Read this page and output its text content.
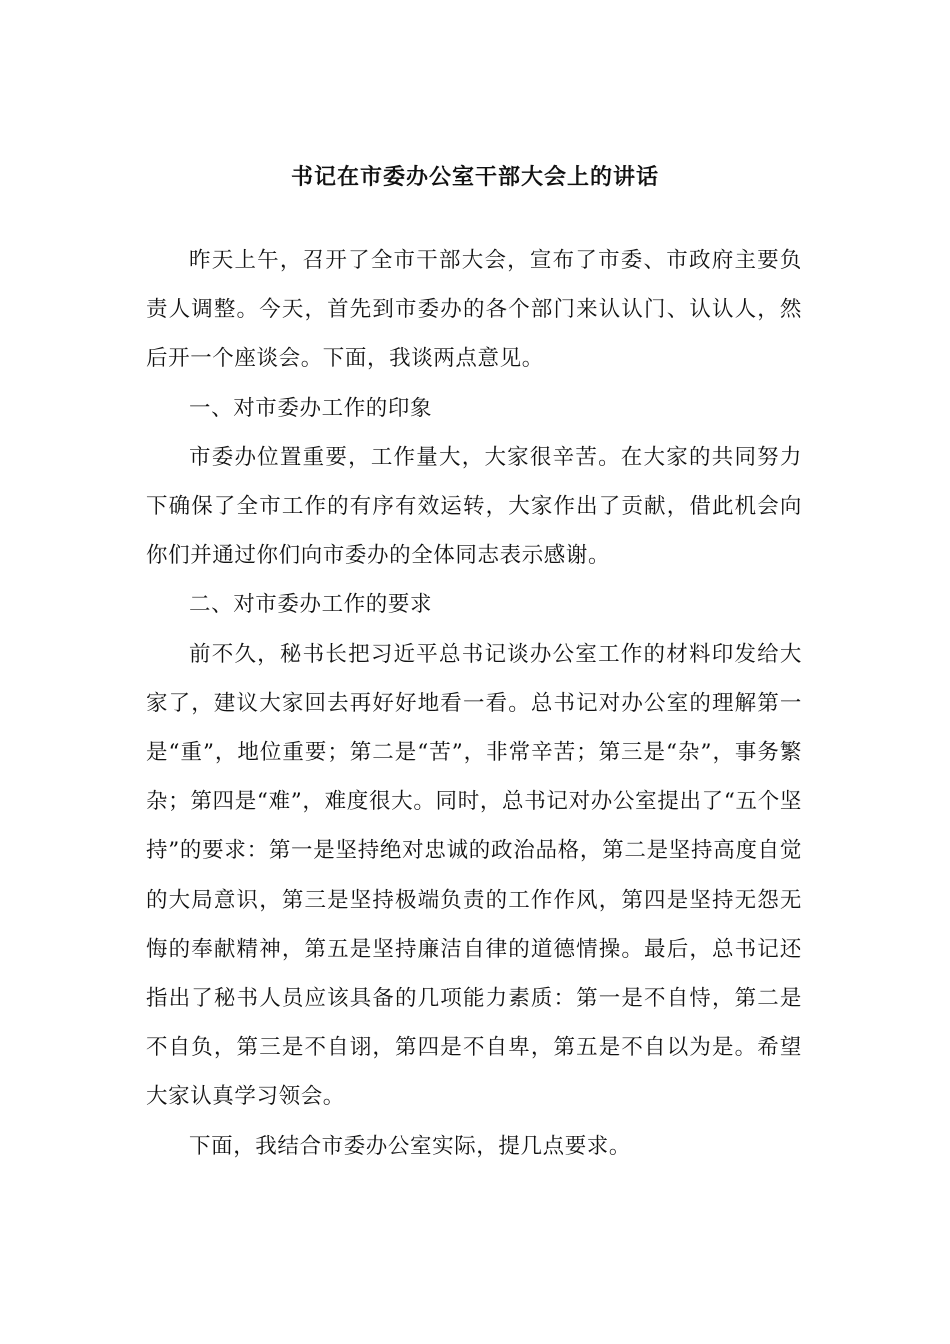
书记在市委办公室干部大会上的讲话

昨天上午，召开了全市干部大会，宣布了市委、市政府主要负责人调整。今天，首先到市委办的各个部门来认认门、认认人，然后开一个座谈会。下面，我谈两点意见。

一、对市委办工作的印象

市委办位置重要，工作量大，大家很辛苦。在大家的共同努力下确保了全市工作的有序有效运转，大家作出了贡献，借此机会向你们并通过你们向市委办的全体同志表示感谢。

二、对市委办工作的要求

前不久，秘书长把习近平总书记谈办公室工作的材料印发给大家了，建议大家回去再好好地看一看。总书记对办公室的理解第一是“重”，地位重要；第二是“苦”，非常辛苦；第三是“杂”，事务繁杂；第四是“难”，难度很大。同时，总书记对办公室提出了“五个坚持”的要求：第一是坚持绝对忠诚的政治品格，第二是坚持高度自觉的大局意识，第三是坚持极端负责的工作作风，第四是坚持无怨无悔的奉献精神，第五是坚持廉洁自律的道德情操。最后，总书记还指出了秘书人员应该具备的几项能力素质：第一是不自恃，第二是不自负，第三是不自诩，第四是不自卑，第五是不自以为是。希望大家认真学习领会。

下面，我结合市委办公室实际，提几点要求。
